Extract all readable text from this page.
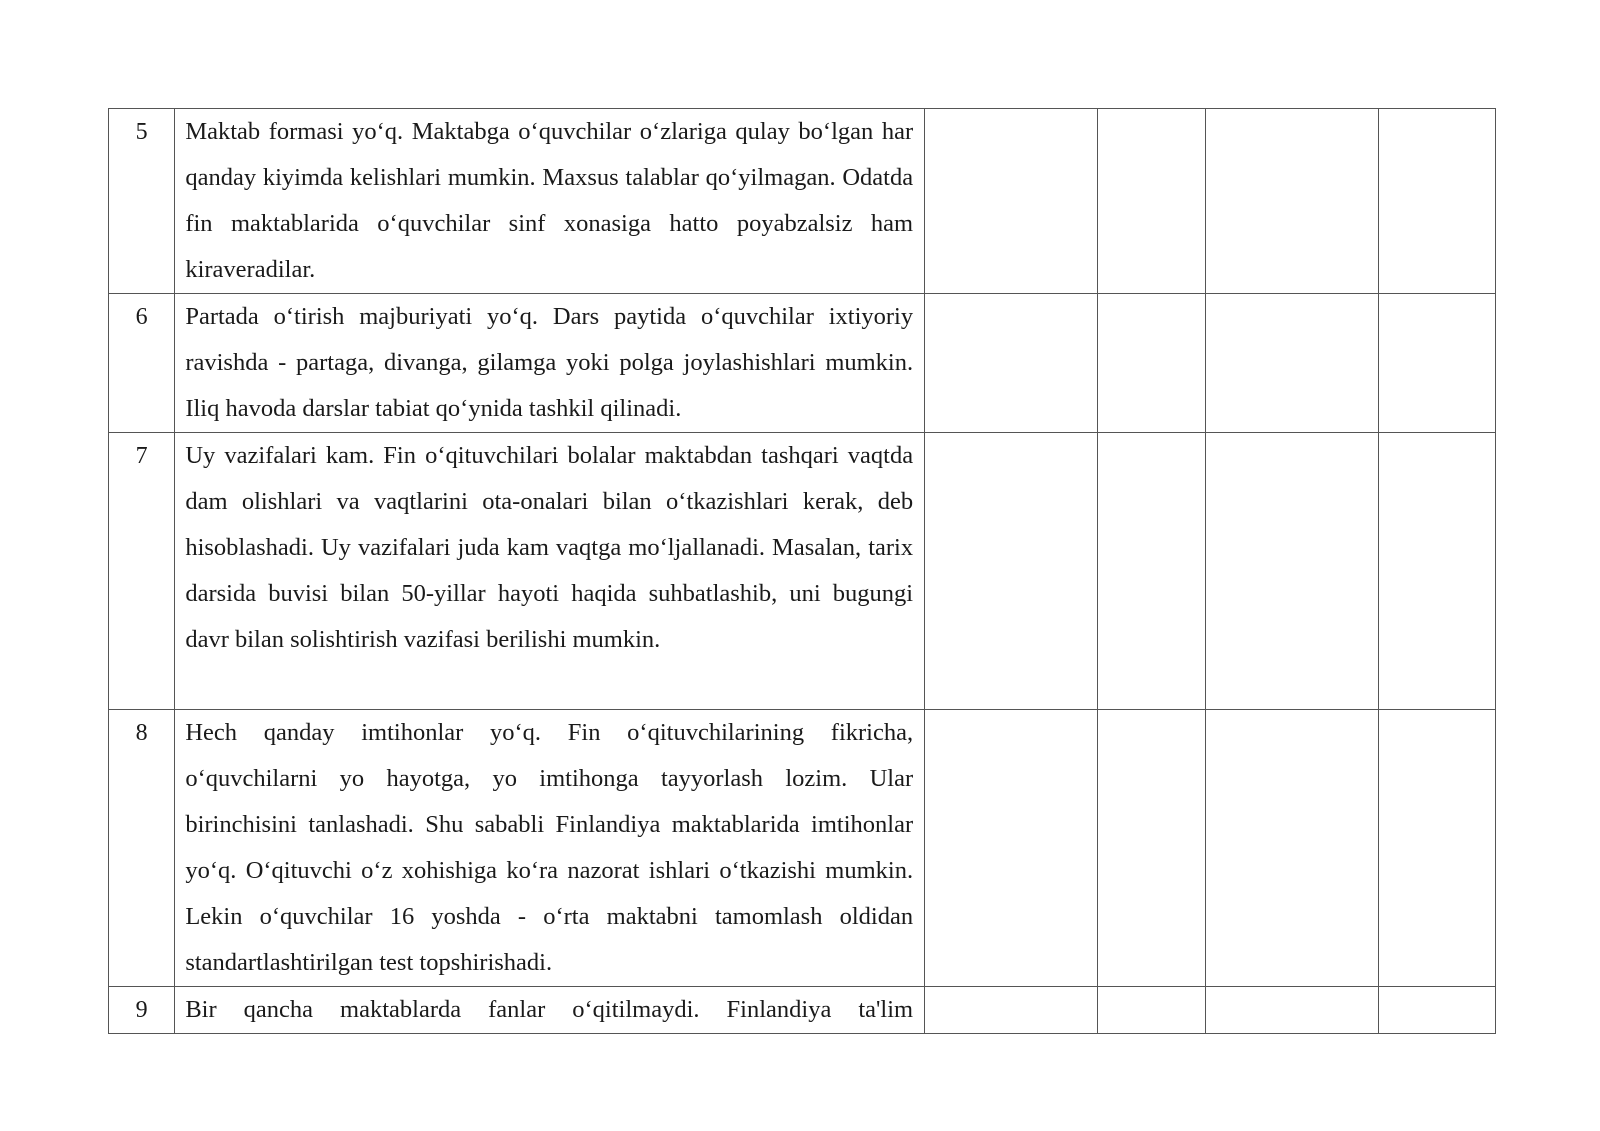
5	Maktab formasi yo‘q. Maktabga o‘quvchilar o‘zlariga qulay bo‘lgan har qanday kiyimda kelishlari mumkin. Maxsus talablar qo‘yilmagan. Odatda fin maktablarida o‘quvchilar sinf xonasiga hatto poyabzalsiz ham kiraveradilar.				
6	Partada o‘tirish majburiyati yo‘q. Dars paytida o‘quvchilar ixtiyoriy ravishda - partaga, divanga, gilamga yoki polga joylashishlari mumkin. Iliq havoda darslar tabiat qo‘ynida tashkil qilinadi.				
7	Uy vazifalari kam. Fin o‘qituvchilari bolalar maktabdan tashqari vaqtda dam olishlari va vaqtlarini ota-onalari bilan o‘tkazishlari kerak, deb hisoblashadi. Uy vazifalari juda kam vaqtga mo‘ljallanadi. Masalan, tarix darsida buvisi bilan 50-yillar hayoti haqida suhbatlashib, uni bugungi davr bilan solishtirish vazifasi berilishi mumkin.				
8	Hech qanday imtihonlar yo‘q. Fin o‘qituvchilarining fikricha, o‘quvchilarni yo hayotga, yo imtihonga tayyorlash lozim. Ular birinchisini tanlashadi. Shu sababli Finlandiya maktablarida imtihonlar yo‘q. O‘qituvchi o‘z xohishiga ko‘ra nazorat ishlari o‘tkazishi mumkin. Lekin o‘quvchilar 16 yoshda - o‘rta maktabni tamomlash oldidan standartlashtirilgan test topshirishadi.				
9	Bir qancha maktablarda fanlar o‘qitilmaydi. Finlandiya ta'lim				
